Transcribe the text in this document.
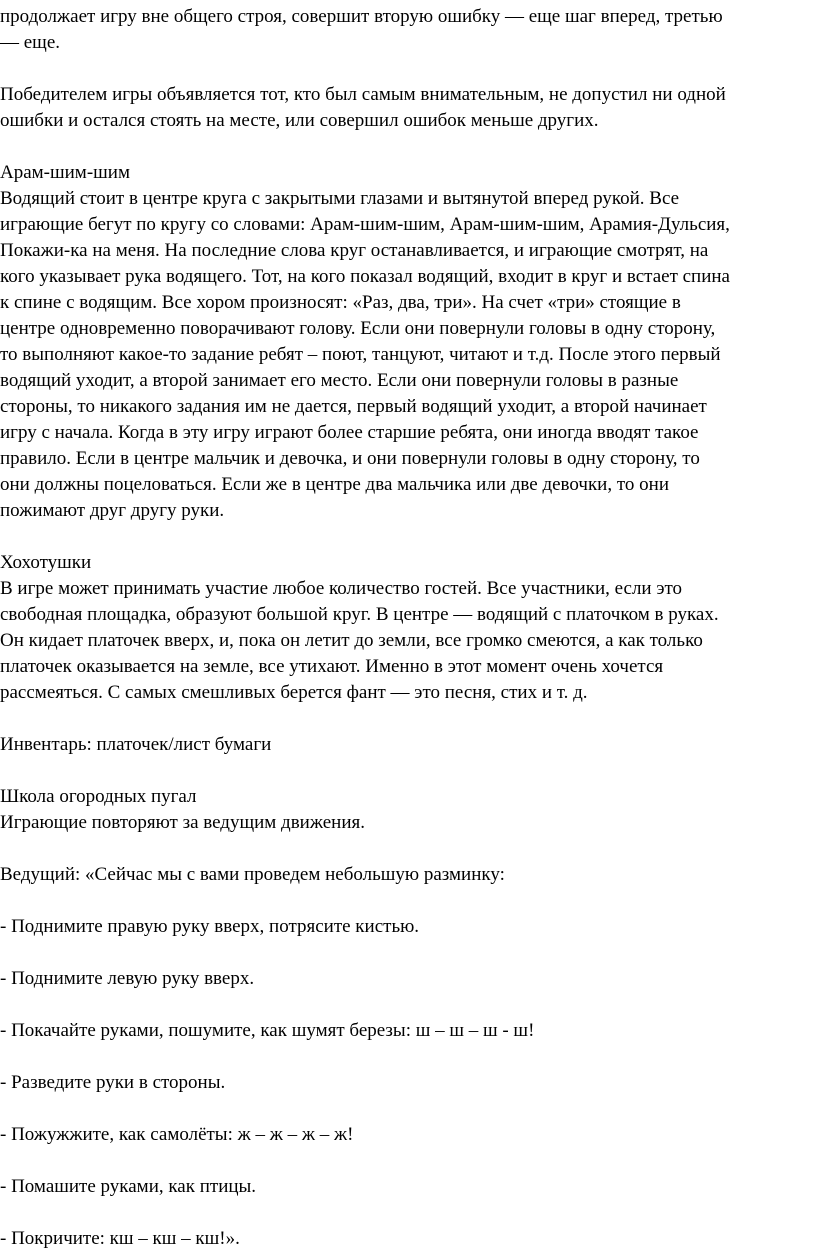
продолжает игру вне общего строя, совершит вторую ошибку — еще шаг вперед, третью
— еще.
Победителем игры объявляется тот, кто был самым внимательным, не допустил ни одной
ошибки и остался стоять на месте, или совершил ошибок меньше других.
Арам-шим-шим
Водящий стоит в центре круга с закрытыми глазами и вытянутой вперед рукой. Все
играющие бегут по кругу со словами: Арам-шим-шим, Арам-шим-шим, Арамия-Дульсия,
Покажи-ка на меня. На последние слова круг останавливается, и играющие смотрят, на
кого указывает рука водящего. Тот, на кого показал водящий, входит в круг и встает спина
к спине с водящим. Все хором произносят: «Раз, два, три». На счет «три» стоящие в
центре одновременно поворачивают голову. Если они повернули головы в одну сторону,
то выполняют какое-то задание ребят – поют, танцуют, читают и т.д. После этого первый
водящий уходит, а второй занимает его место. Если они повернули головы в разные
стороны, то никакого задания им не дается, первый водящий уходит, а второй начинает
игру с начала. Когда в эту игру играют более старшие ребята, они иногда вводят такое
правило. Если в центре мальчик и девочка, и они повернули головы в одну сторону, то
они должны поцеловаться. Если же в центре два мальчика или две девочки, то они
пожимают друг другу руки.
Хохотушки
В игре может принимать участие любое количество гостей. Все участники, если это
свободная площадка, образуют большой круг. В центре — водящий с платочком в руках.
Он кидает платочек вверх, и, пока он летит до земли, все громко смеются, а как только
платочек оказывается на земле, все утихают. Именно в этот момент очень хочется
рассмеяться. С самых смешливых берется фант — это песня, стих и т. д.
Инвентарь: платочек/лист бумаги
Школа огородных пугал
Играющие повторяют за ведущим движения.
Ведущий: «Сейчас мы с вами проведем небольшую разминку:
- Поднимите правую руку вверх, потрясите кистью.
- Поднимите левую руку вверх.
- Покачайте руками, пошумите, как шумят березы: ш – ш – ш - ш!
- Разведите руки в стороны.
- Пожужжите, как самолёты: ж – ж – ж – ж!
- Помашите руками, как птицы.
- Покричите: кш – кш – кш!».
